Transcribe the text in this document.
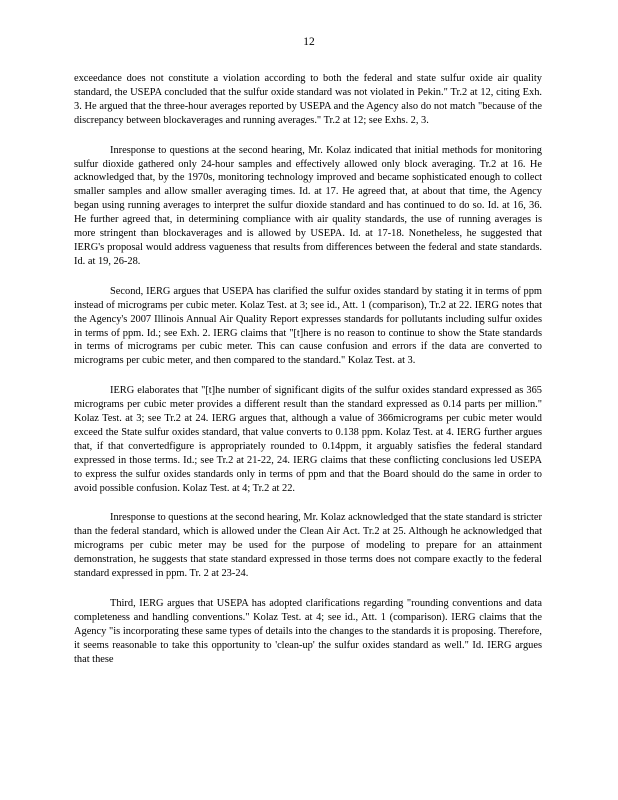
12

exceedance does not constitute a violation according to both the federal and state sulfur oxide air quality standard, the USEPA concluded that the sulfur oxide standard was not violated in Pekin." Tr.2 at 12, citing Exh. 3. He argued that the three-hour averages reported by USEPA and the Agency also do not match "because of the discrepancy between blockaverages and running averages." Tr.2 at 12; see Exhs. 2, 3.

Inresponse to questions at the second hearing, Mr. Kolaz indicated that initial methods for monitoring sulfur dioxide gathered only 24-hour samples and effectively allowed only block averaging. Tr.2 at 16. He acknowledged that, by the 1970s, monitoring technology improved and became sophisticated enough to collect smaller samples and allow smaller averaging times. Id. at 17. He agreed that, at about that time, the Agency began using running averages to interpret the sulfur dioxide standard and has continued to do so. Id. at 16, 36. He further agreed that, in determining compliance with air quality standards, the use of running averages is more stringent than blockaverages and is allowed by USEPA. Id. at 17-18. Nonetheless, he suggested that IERG's proposal would address vagueness that results from differences between the federal and state standards. Id. at 19, 26-28.

Second, IERG argues that USEPA has clarified the sulfur oxides standard by stating it in terms of ppm instead of micrograms per cubic meter. Kolaz Test. at 3; see id., Att. 1 (comparison), Tr.2 at 22. IERG notes that the Agency's 2007 Illinois Annual Air Quality Report expresses standards for pollutants including sulfur oxides in terms of ppm. Id.; see Exh. 2. IERG claims that "[t]here is no reason to continue to show the State standards in terms of micrograms per cubic meter. This can cause confusion and errors if the data are converted to micrograms per cubic meter, and then compared to the standard." Kolaz Test. at 3.

IERG elaborates that "[t]he number of significant digits of the sulfur oxides standard expressed as 365 micrograms per cubic meter provides a different result than the standard expressed as 0.14 parts per million." Kolaz Test. at 3; see Tr.2 at 24. IERG argues that, although a value of 366micrograms per cubic meter would exceed the State sulfur oxides standard, that value converts to 0.138 ppm. Kolaz Test. at 4. IERG further argues that, if that convertedfigure is appropriately rounded to 0.14ppm, it arguably satisfies the federal standard expressed in those terms. Id.; see Tr.2 at 21-22, 24. IERG claims that these conflicting conclusions led USEPA to express the sulfur oxides standards only in terms of ppm and that the Board should do the same in order to avoid possible confusion. Kolaz Test. at 4; Tr.2 at 22.

Inresponse to questions at the second hearing, Mr. Kolaz acknowledged that the state standard is stricter than the federal standard, which is allowed under the Clean Air Act. Tr.2 at 25. Although he acknowledged that micrograms per cubic meter may be used for the purpose of modeling to prepare for an attainment demonstration, he suggests that state standard expressed in those terms does not compare exactly to the federal standard expressed in ppm. Tr. 2 at 23-24.

Third, IERG argues that USEPA has adopted clarifications regarding "rounding conventions and data completeness and handling conventions." Kolaz Test. at 4; see id., Att. 1 (comparison). IERG claims that the Agency "is incorporating these same types of details into the changes to the standards it is proposing. Therefore, it seems reasonable to take this opportunity to 'clean-up' the sulfur oxides standard as well." Id. IERG argues that these
